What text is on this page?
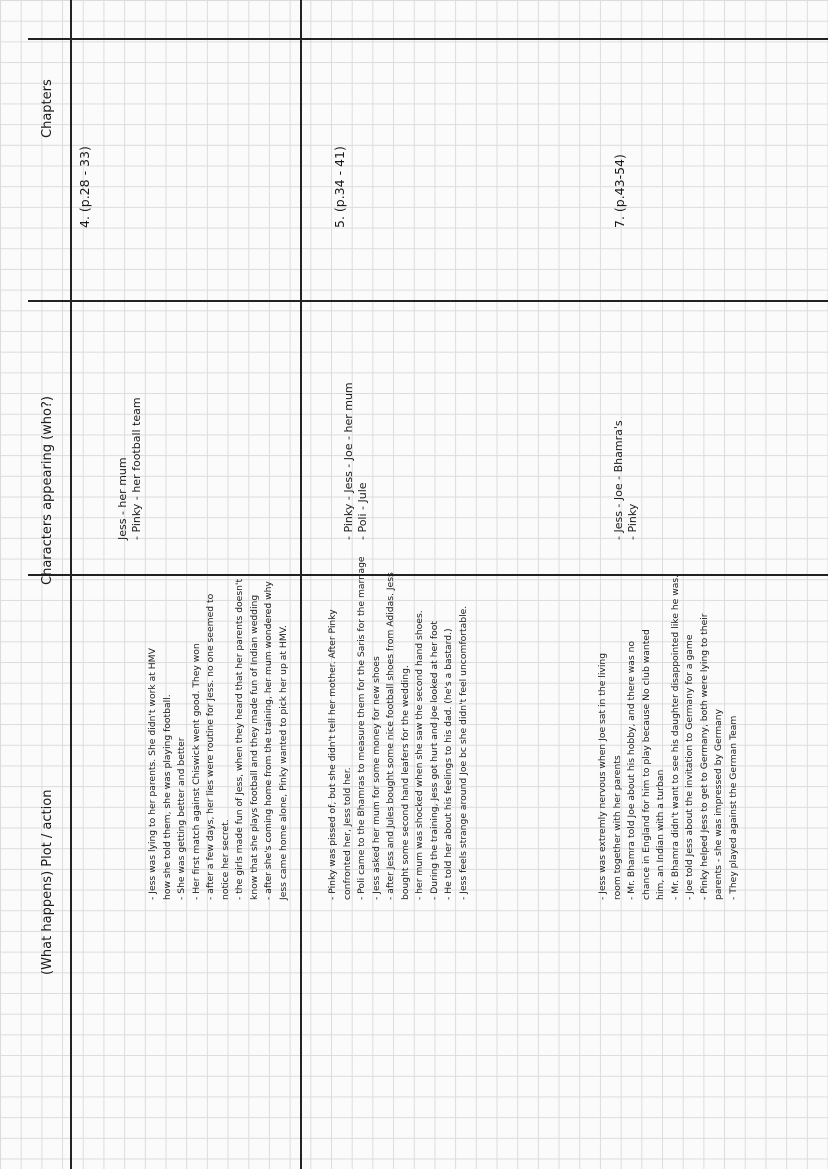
Chapters
Characters appearing (who?)
(What happens) Plot / action
4. (p.28 - 33)
Jess - her mum - Pinky - her football team
- Jess was lying to her parents. She didn't work at HMV how she told them, she was playing football. - She was getting better and better - Her first match against Chiswick went good. They won - after a few days, her lies were routine for Jess. no one seemed to notice her secret. - the girls made fun of Jess, when they heard that her parents doesn't know that she plays football and they made fun of Indian wedding - after she's coming home from the training, her mum wondered why Jess came home alone, Pinky wanted to pick her up at HMV.
5. (p.34 - 41)
- Pinky - Jess - Joe - her mum - Poli - Jule
- Pinky was pissed of, but she didn't tell her mother. After Pinky confronted her, Jess told her. - Poli came to the Bhamras to measure them for the Saris for the marriage - Jess asked her mum for some money for new shoes - after Jess and Jules bought some nice football shoes from Adidas. Jess bought some second hand leafers for the wedding. - her mum was shocked when she saw the second hand shoes. - During the training, Jess got hurt and Joe looked at her foot - He told her about his feelings to his dad. (he's a bastard.) - Jess feels strange around Joe bc she didn't feel uncomfortable.
7. (p.43-54)
- Jess - Joe - Bhamra's - Pinky
- Jess was extremly nervous when Joe sat in the living room together with her parents - Mr. Bhamra told Joe about his hobby, and there was no chance in England for him to play because No club wanted him, an Indian with a turban - Mr. Bhamra didn't want to see his daughter disappointed like he was. - Joe told Jess about the invitation to Germany for a game - Pinky helped Jess to get to Germany, both were lying to their parents - she was impressed by Germany - They played against the German Team
